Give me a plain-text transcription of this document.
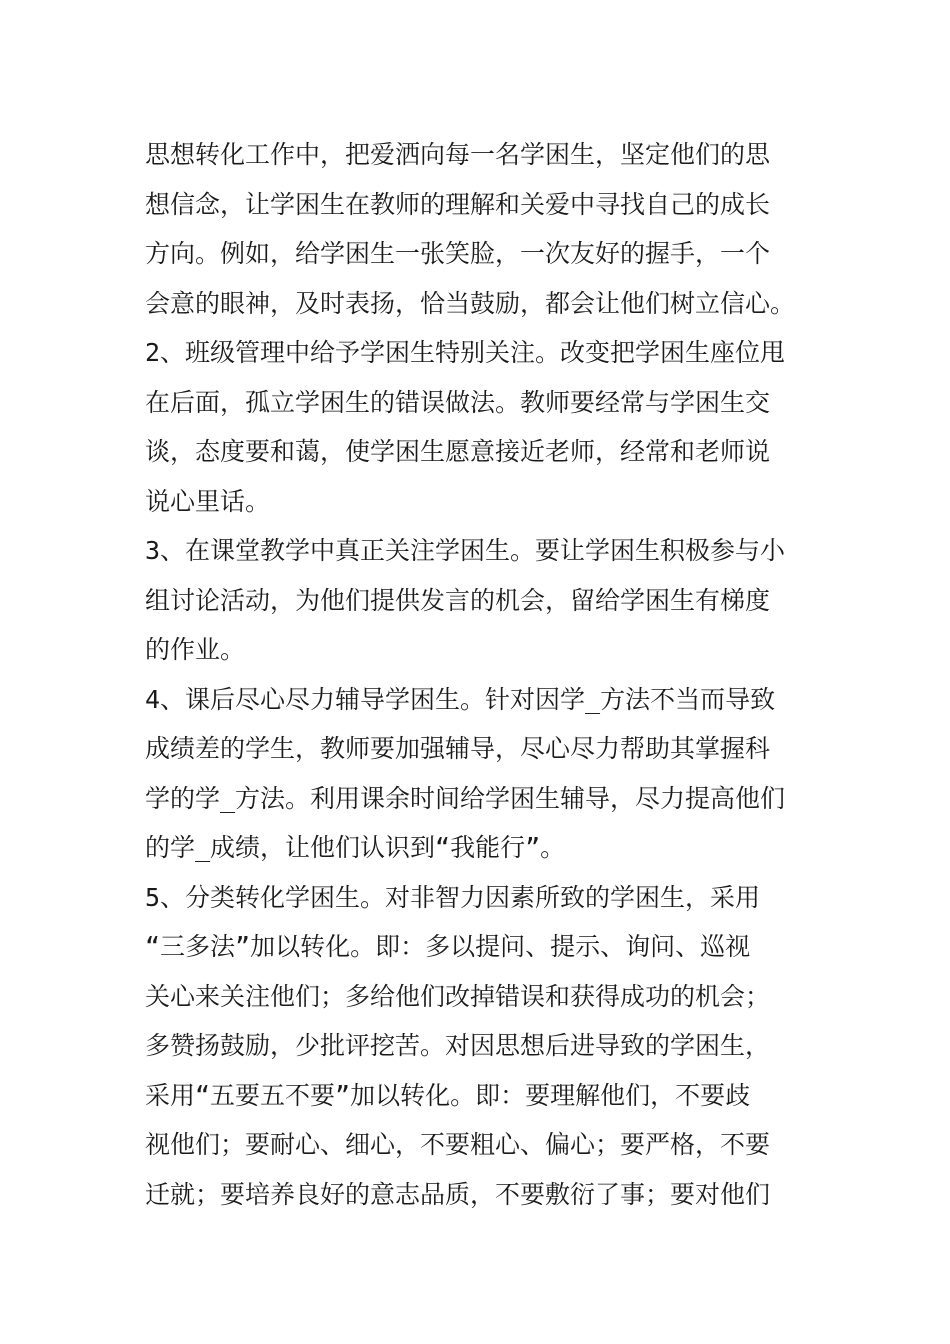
思想转化工作中，把爱洒向每一名学困生，坚定他们的思
想信念，让学困生在教师的理解和关爱中寻找自己的成长
方向。例如，给学困生一张笑脸，一次友好的握手，一个
会意的眼神，及时表扬，恰当鼓励，都会让他们树立信心。
2、班级管理中给予学困生特别关注。改变把学困生座位甩
在后面，孤立学困生的错误做法。教师要经常与学困生交
谈，态度要和蔼，使学困生愿意接近老师，经常和老师说
说心里话。
3、在课堂教学中真正关注学困生。要让学困生积极参与小
组讨论活动，为他们提供发言的机会，留给学困生有梯度
的作业。
4、课后尽心尽力辅导学困生。针对因学_方法不当而导致
成绩差的学生，教师要加强辅导，尽心尽力帮助其掌握科
学的学_方法。利用课余时间给学困生辅导，尽力提高他们
的学_成绩，让他们认识到“我能行”。
5、分类转化学困生。对非智力因素所致的学困生，采用
“三多法”加以转化。即：多以提问、提示、询问、巡视
关心来关注他们；多给他们改掉错误和获得成功的机会；
多赞扬鼓励，少批评挖苦。对因思想后进导致的学困生，
采用“五要五不要”加以转化。即：要理解他们，不要歧
视他们；要耐心、细心，不要粗心、偏心；要严格，不要
迁就；要培养良好的意志品质，不要敷衍了事；要对他们
